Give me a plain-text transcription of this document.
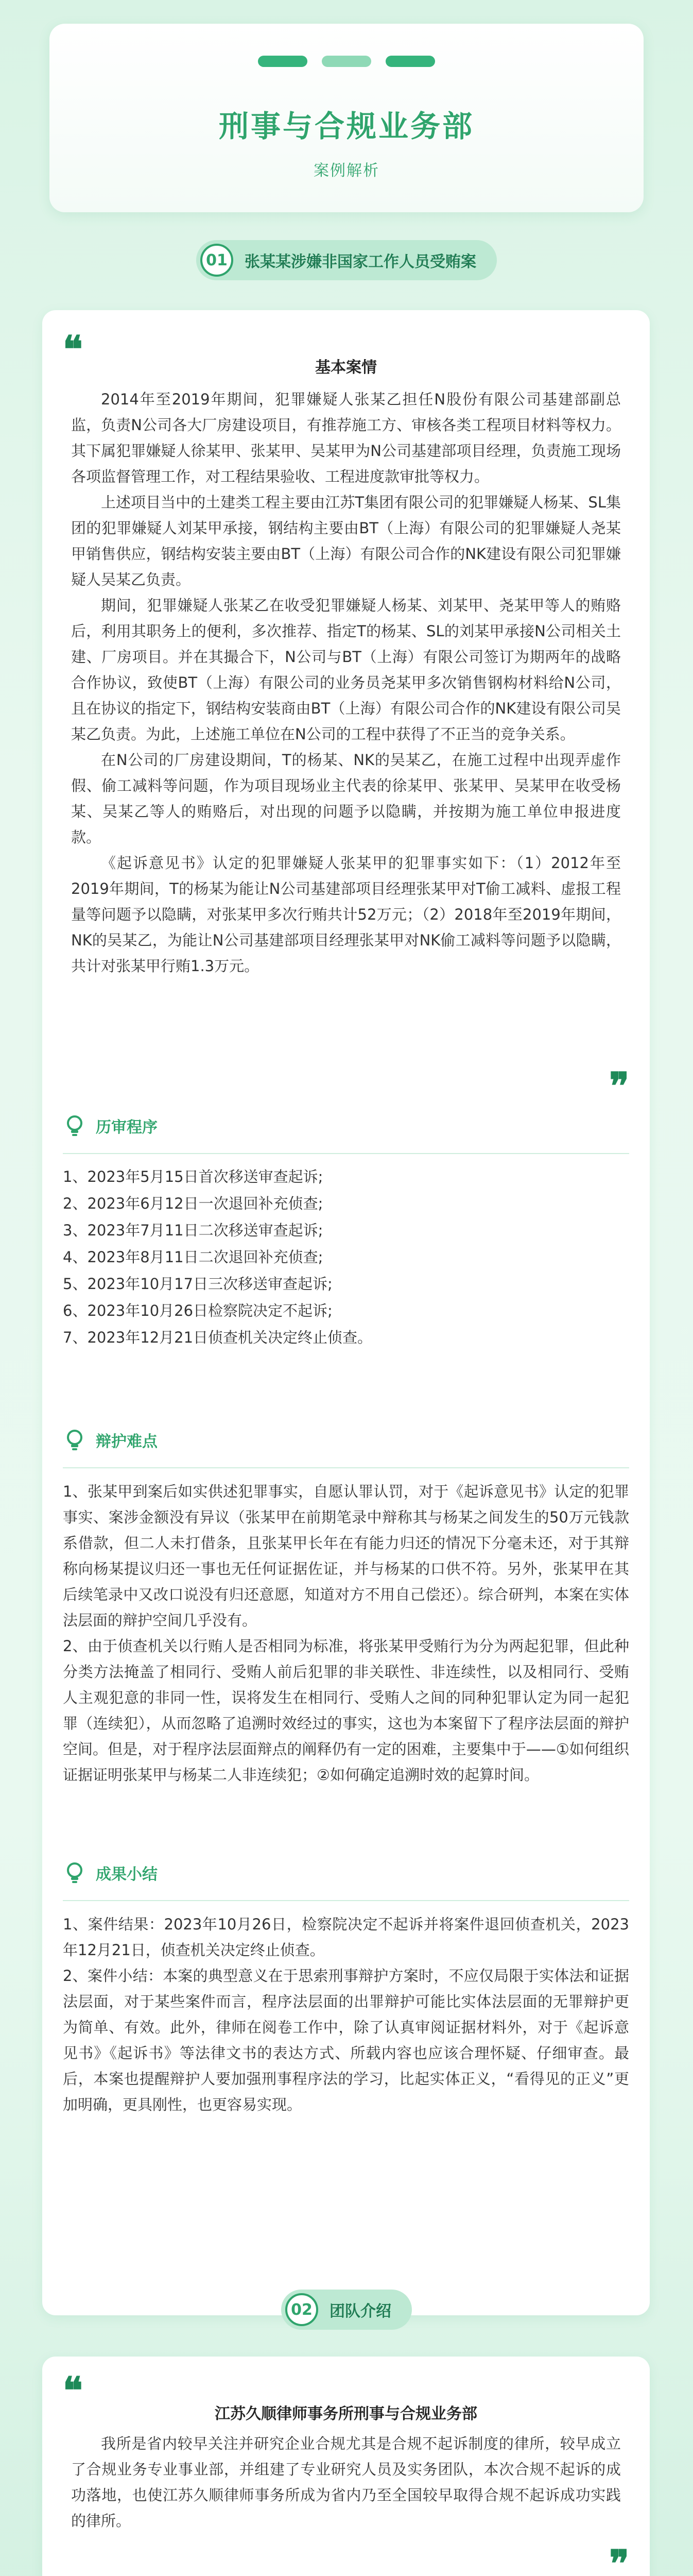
刑事与合规业务部
案例解析
01	张某某涉嫌非国家工作人员受贿案
❝	基本案情

2014年至2019年期间，犯罪嫌疑人张某乙担任N股份有限公司基建部副总监，负责N公司各大厂房建设项目，有推荐施工方、审核各类工程项目材料等权力。其下属犯罪嫌疑人徐某甲、张某甲、吴某甲为N公司基建部项目经理，负责施工现场各项监督管理工作，对工程结果验收、工程进度款审批等权力。

上述项目当中的土建类工程主要由江苏T集团有限公司的犯罪嫌疑人杨某、SL集团的犯罪嫌疑人刘某甲承接，钢结构主要由BT（上海）有限公司的犯罪嫌疑人尧某甲销售供应，钢结构安装主要由BT（上海）有限公司合作的NK建设有限公司犯罪嫌疑人吴某乙负责。

期间，犯罪嫌疑人张某乙在收受犯罪嫌疑人杨某、刘某甲、尧某甲等人的贿赂后，利用其职务上的便利，多次推荐、指定T的杨某、SL的刘某甲承接N公司相关土建、厂房项目。并在其撮合下，N公司与BT（上海）有限公司签订为期两年的战略合作协议，致使BT（上海）有限公司的业务员尧某甲多次销售钢构材料给N公司，且在协议的指定下，钢结构安装商由BT（上海）有限公司合作的NK建设有限公司吴某乙负责。为此，上述施工单位在N公司的工程中获得了不正当的竞争关系。

在N公司的厂房建设期间，T的杨某、NK的吴某乙，在施工过程中出现弄虚作假、偷工减料等问题，作为项目现场业主代表的徐某甲、张某甲、吴某甲在收受杨某、吴某乙等人的贿赂后，对出现的问题予以隐瞒，并按期为施工单位申报进度款。

《起诉意见书》认定的犯罪嫌疑人张某甲的犯罪事实如下：（1）2012年至2019年期间，T的杨某为能让N公司基建部项目经理张某甲对T偷工减料、虚报工程量等问题予以隐瞒，对张某甲多次行贿共计52万元；（2）2018年至2019年期间，NK的吴某乙，为能让N公司基建部项目经理张某甲对NK偷工减料等问题予以隐瞒，共计对张某甲行贿1.3万元。

❞
历审程序

1、2023年5月15日首次移送审查起诉;

2、2023年6月12日一次退回补充侦查;

3、2023年7月11日二次移送审查起诉;

4、2023年8月11日二次退回补充侦查;

5、2023年10月17日三次移送审查起诉;

6、2023年10月26日检察院决定不起诉;

7、2023年12月21日侦查机关决定终止侦查。

辩护难点

1、张某甲到案后如实供述犯罪事实，自愿认罪认罚，对于《起诉意见书》认定的犯罪事实、案涉金额没有异议（张某甲在前期笔录中辩称其与杨某之间发生的50万元钱款系借款，但二人未打借条，且张某甲长年在有能力归还的情况下分毫未还，对于其辩称向杨某提议归还一事也无任何证据佐证，并与杨某的口供不符。另外，张某甲在其后续笔录中又改口说没有归还意愿，知道对方不用自己偿还）。综合研判，本案在实体法层面的辩护空间几乎没有。

2、由于侦查机关以行贿人是否相同为标准，将张某甲受贿行为分为两起犯罪，但此种分类方法掩盖了相同行、受贿人前后犯罪的非关联性、非连续性，以及相同行、受贿人主观犯意的非同一性，误将发生在相同行、受贿人之间的同种犯罪认定为同一起犯罪（连续犯），从而忽略了追溯时效经过的事实，这也为本案留下了程序法层面的辩护空间。但是，对于程序法层面辩点的阐释仍有一定的困难，主要集中于——①如何组织证据证明张某甲与杨某二人非连续犯；②如何确定追溯时效的起算时间。

成果小结

1、案件结果：2023年10月26日，检察院决定不起诉并将案件退回侦查机关，2023年12月21日，侦查机关决定终止侦查。

2、案件小结：本案的典型意义在于思索刑事辩护方案时，不应仅局限于实体法和证据法层面，对于某些案件而言，程序法层面的出罪辩护可能比实体法层面的无罪辩护更为简单、有效。此外，律师在阅卷工作中，除了认真审阅证据材料外，对于《起诉意见书》《起诉书》等法律文书的表达方式、所载内容也应该合理怀疑、仔细审查。最后，本案也提醒辩护人要加强刑事程序法的学习，比起实体正义，“看得见的正义”更加明确，更具刚性，也更容易实现。

02	团队介绍
❝
江苏久顺律师事务所刑事与合规业务部

我所是省内较早关注并研究企业合规尤其是合规不起诉制度的律所，较早成立了合规业务专业事业部，并组建了专业研究人员及实务团队，本次合规不起诉的成功落地，也使江苏久顺律师事务所成为省内乃至全国较早取得合规不起诉成功实践的律所。

❞
